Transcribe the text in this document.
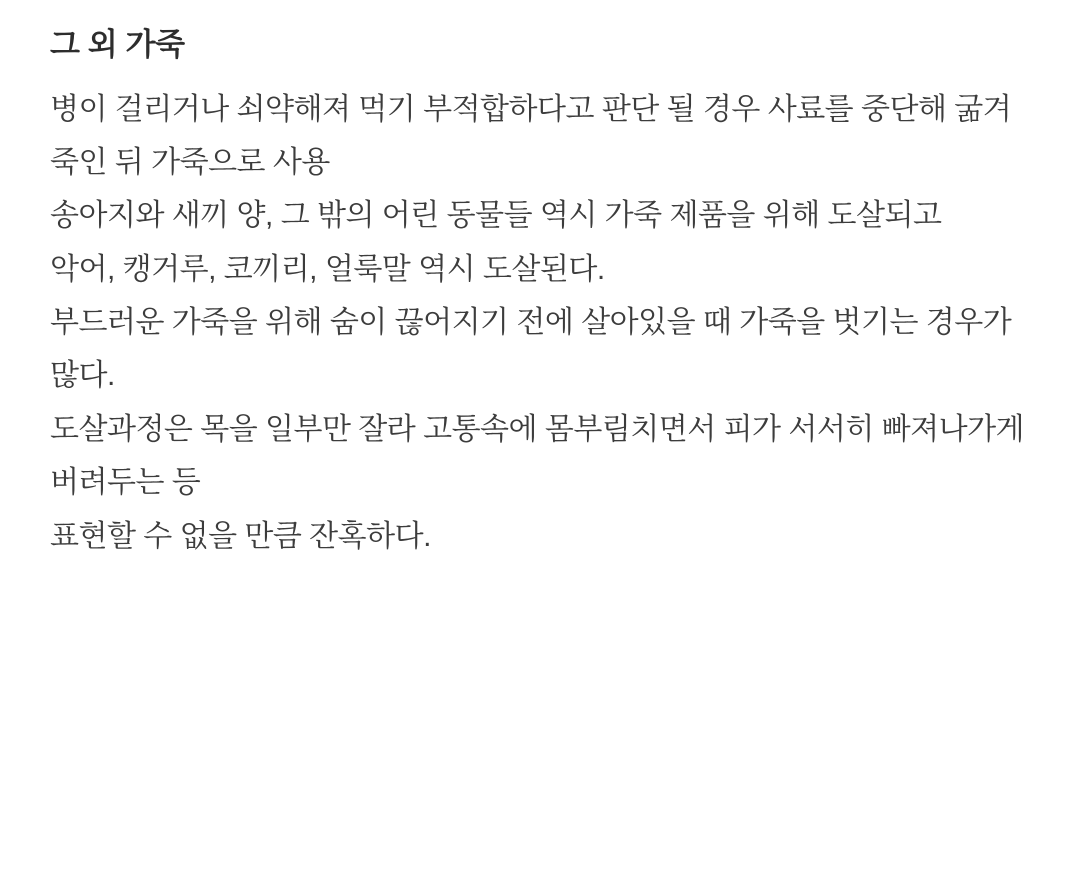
그 외 가죽

병이 걸리거나 쇠약해져 먹기 부적합하다고 판단 될 경우 사료를 중단해 굶겨 죽인 뒤 가죽으로 사용

송아지와 새끼 양, 그 밖의 어린 동물들 역시 가죽 제품을 위해 도살되고

악어, 캥거루, 코끼리, 얼룩말 역시 도살된다.

부드러운 가죽을 위해 숨이 끊어지기 전에 살아있을 때 가죽을 벗기는 경우가 많다.

도살과정은 목을 일부만 잘라 고통속에 몸부림치면서 피가 서서히 빠져나가게 버려두는 등

표현할 수 없을 만큼 잔혹하다.
